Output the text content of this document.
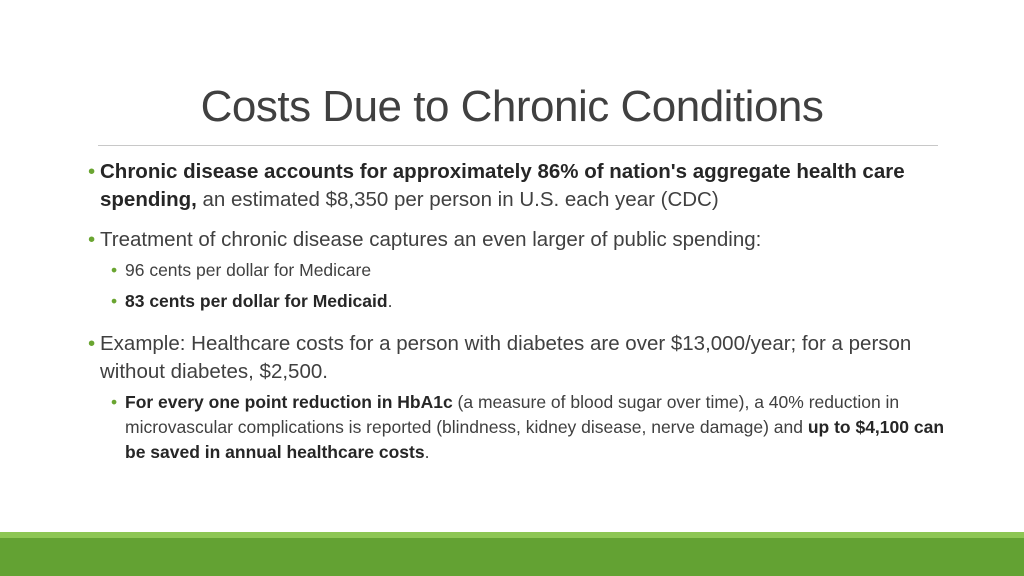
Costs Due to Chronic Conditions
• Chronic disease accounts for approximately 86% of nation's aggregate health care spending, an estimated $8,350 per person in U.S. each year (CDC)
• Treatment of chronic disease captures an even larger of public spending:
• 96 cents per dollar for Medicare
• 83 cents per dollar for Medicaid.
• Example: Healthcare costs for a person with diabetes are over $13,000/year; for a person without diabetes, $2,500.
• For every one point reduction in HbA1c (a measure of blood sugar over time), a 40% reduction in microvascular complications is reported (blindness, kidney disease, nerve damage) and up to $4,100 can be saved in annual healthcare costs.
